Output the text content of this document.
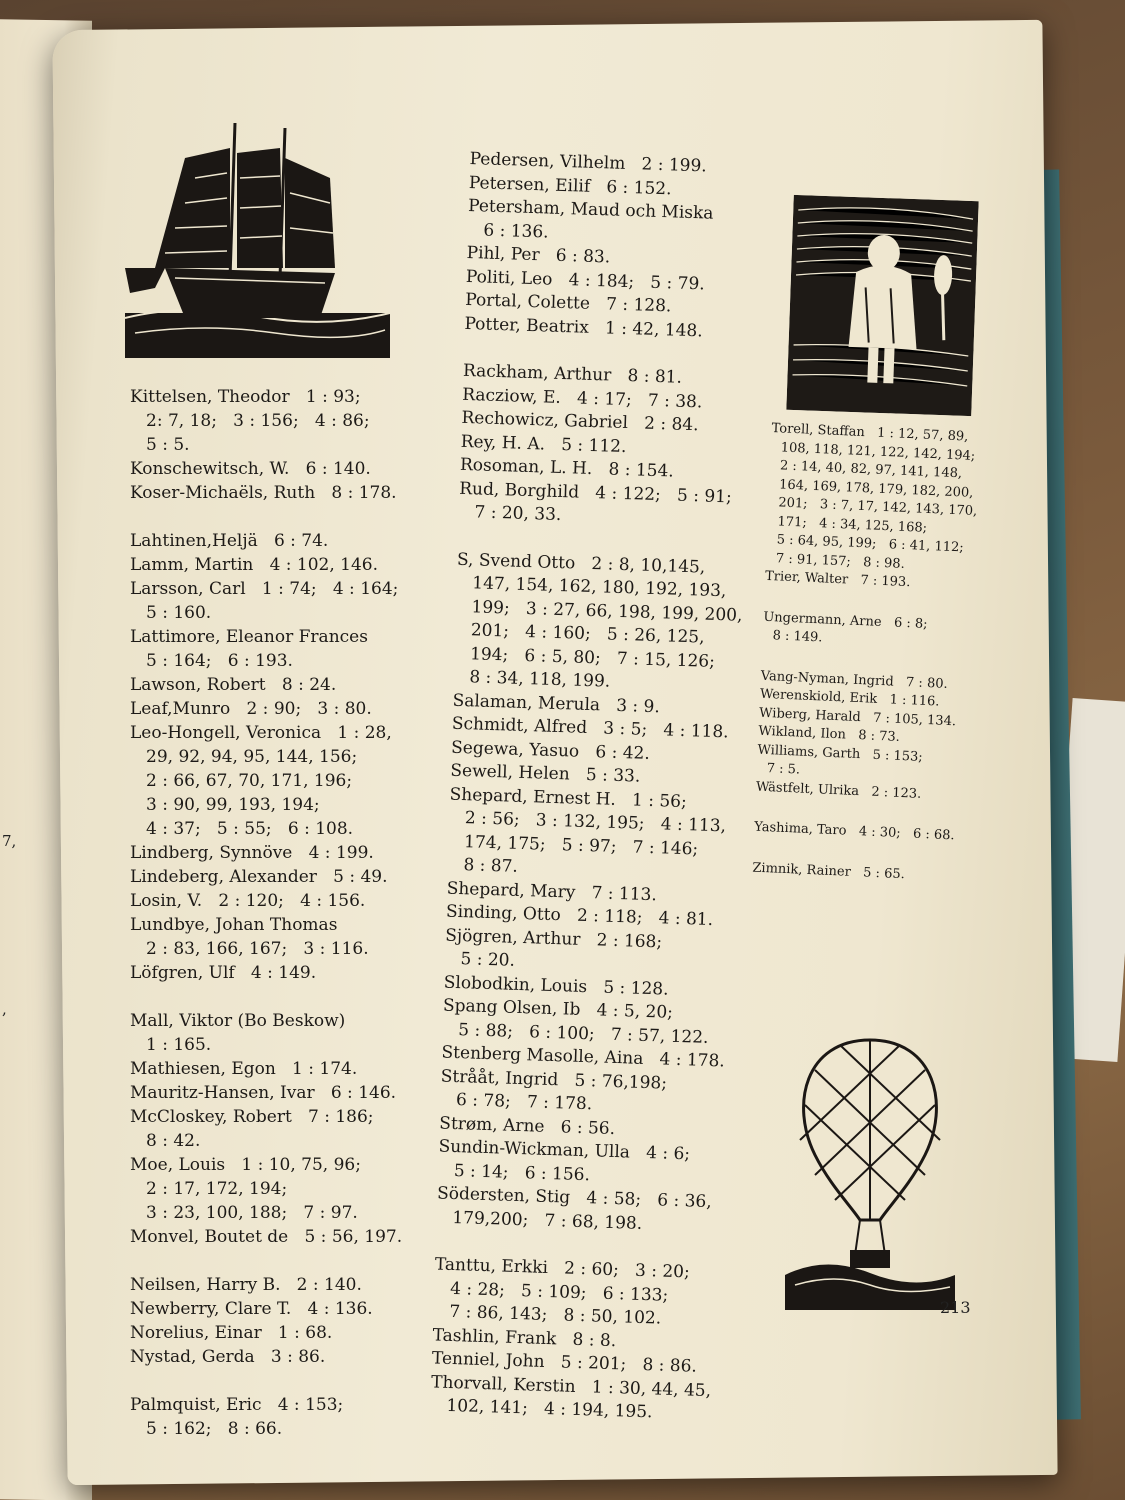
7,
,
Kittelsen, Theodor   1 : 93;
2: 7, 18;   3 : 156;   4 : 86;
5 : 5.
Konschewitsch, W.   6 : 140.
Koser-Michaëls, Ruth   8 : 178.
Lahtinen,Heljä   6 : 74.
Lamm, Martin   4 : 102, 146.
Larsson, Carl   1 : 74;   4 : 164;
5 : 160.
Lattimore, Eleanor Frances
5 : 164;   6 : 193.
Lawson, Robert   8 : 24.
Leaf,Munro   2 : 90;   3 : 80.
Leo-Hongell, Veronica   1 : 28,
29, 92, 94, 95, 144, 156;
2 : 66, 67, 70, 171, 196;
3 : 90, 99, 193, 194;
4 : 37;   5 : 55;   6 : 108.
Lindberg, Synnöve   4 : 199.
Lindeberg, Alexander   5 : 49.
Losin, V.   2 : 120;   4 : 156.
Lundbye, Johan Thomas
2 : 83, 166, 167;   3 : 116.
Löfgren, Ulf   4 : 149.
Mall, Viktor (Bo Beskow)
1 : 165.
Mathiesen, Egon   1 : 174.
Mauritz-Hansen, Ivar   6 : 146.
McCloskey, Robert   7 : 186;
8 : 42.
Moe, Louis   1 : 10, 75, 96;
2 : 17, 172, 194;
3 : 23, 100, 188;   7 : 97.
Monvel, Boutet de   5 : 56, 197.
Neilsen, Harry B.   2 : 140.
Newberry, Clare T.   4 : 136.
Norelius, Einar   1 : 68.
Nystad, Gerda   3 : 86.
Palmquist, Eric   4 : 153;
5 : 162;   8 : 66.
Pedersen, Vilhelm   2 : 199.
Petersen, Eilif   6 : 152.
Petersham, Maud och Miska
6 : 136.
Pihl, Per   6 : 83.
Politi, Leo   4 : 184;   5 : 79.
Portal, Colette   7 : 128.
Potter, Beatrix   1 : 42, 148.
Rackham, Arthur   8 : 81.
Racziow, E.   4 : 17;   7 : 38.
Rechowicz, Gabriel   2 : 84.
Rey, H. A.   5 : 112.
Rosoman, L. H.   8 : 154.
Rud, Borghild   4 : 122;   5 : 91;
7 : 20, 33.
S, Svend Otto   2 : 8, 10,145,
147, 154, 162, 180, 192, 193,
199;   3 : 27, 66, 198, 199, 200,
201;   4 : 160;   5 : 26, 125,
194;   6 : 5, 80;   7 : 15, 126;
8 : 34, 118, 199.
Salaman, Merula   3 : 9.
Schmidt, Alfred   3 : 5;   4 : 118.
Segewa, Yasuo   6 : 42.
Sewell, Helen   5 : 33.
Shepard, Ernest H.   1 : 56;
2 : 56;   3 : 132, 195;   4 : 113,
174, 175;   5 : 97;   7 : 146;
8 : 87.
Shepard, Mary   7 : 113.
Sinding, Otto   2 : 118;   4 : 81.
Sjögren, Arthur   2 : 168;
5 : 20.
Slobodkin, Louis   5 : 128.
Spang Olsen, Ib   4 : 5, 20;
5 : 88;   6 : 100;   7 : 57, 122.
Stenberg Masolle, Aina   4 : 178.
Strååt, Ingrid   5 : 76,198;
6 : 78;   7 : 178.
Strøm, Arne   6 : 56.
Sundin-Wickman, Ulla   4 : 6;
5 : 14;   6 : 156.
Södersten, Stig   4 : 58;   6 : 36,
179,200;   7 : 68, 198.
Tanttu, Erkki   2 : 60;   3 : 20;
4 : 28;   5 : 109;   6 : 133;
7 : 86, 143;   8 : 50, 102.
Tashlin, Frank   8 : 8.
Tenniel, John   5 : 201;   8 : 86.
Thorvall, Kerstin   1 : 30, 44, 45,
102, 141;   4 : 194, 195.
Torell, Staffan   1 : 12, 57, 89,
108, 118, 121, 122, 142, 194;
2 : 14, 40, 82, 97, 141, 148,
164, 169, 178, 179, 182, 200,
201;   3 : 7, 17, 142, 143, 170,
171;   4 : 34, 125, 168;
5 : 64, 95, 199;   6 : 41, 112;
7 : 91, 157;   8 : 98.
Trier, Walter   7 : 193.
Ungermann, Arne   6 : 8;
8 : 149.
Vang-Nyman, Ingrid   7 : 80.
Werenskiold, Erik   1 : 116.
Wiberg, Harald   7 : 105, 134.
Wikland, Ilon   8 : 73.
Williams, Garth   5 : 153;
7 : 5.
Wästfelt, Ulrika   2 : 123.
Yashima, Taro   4 : 30;   6 : 68.
Zimnik, Rainer   5 : 65.
213
